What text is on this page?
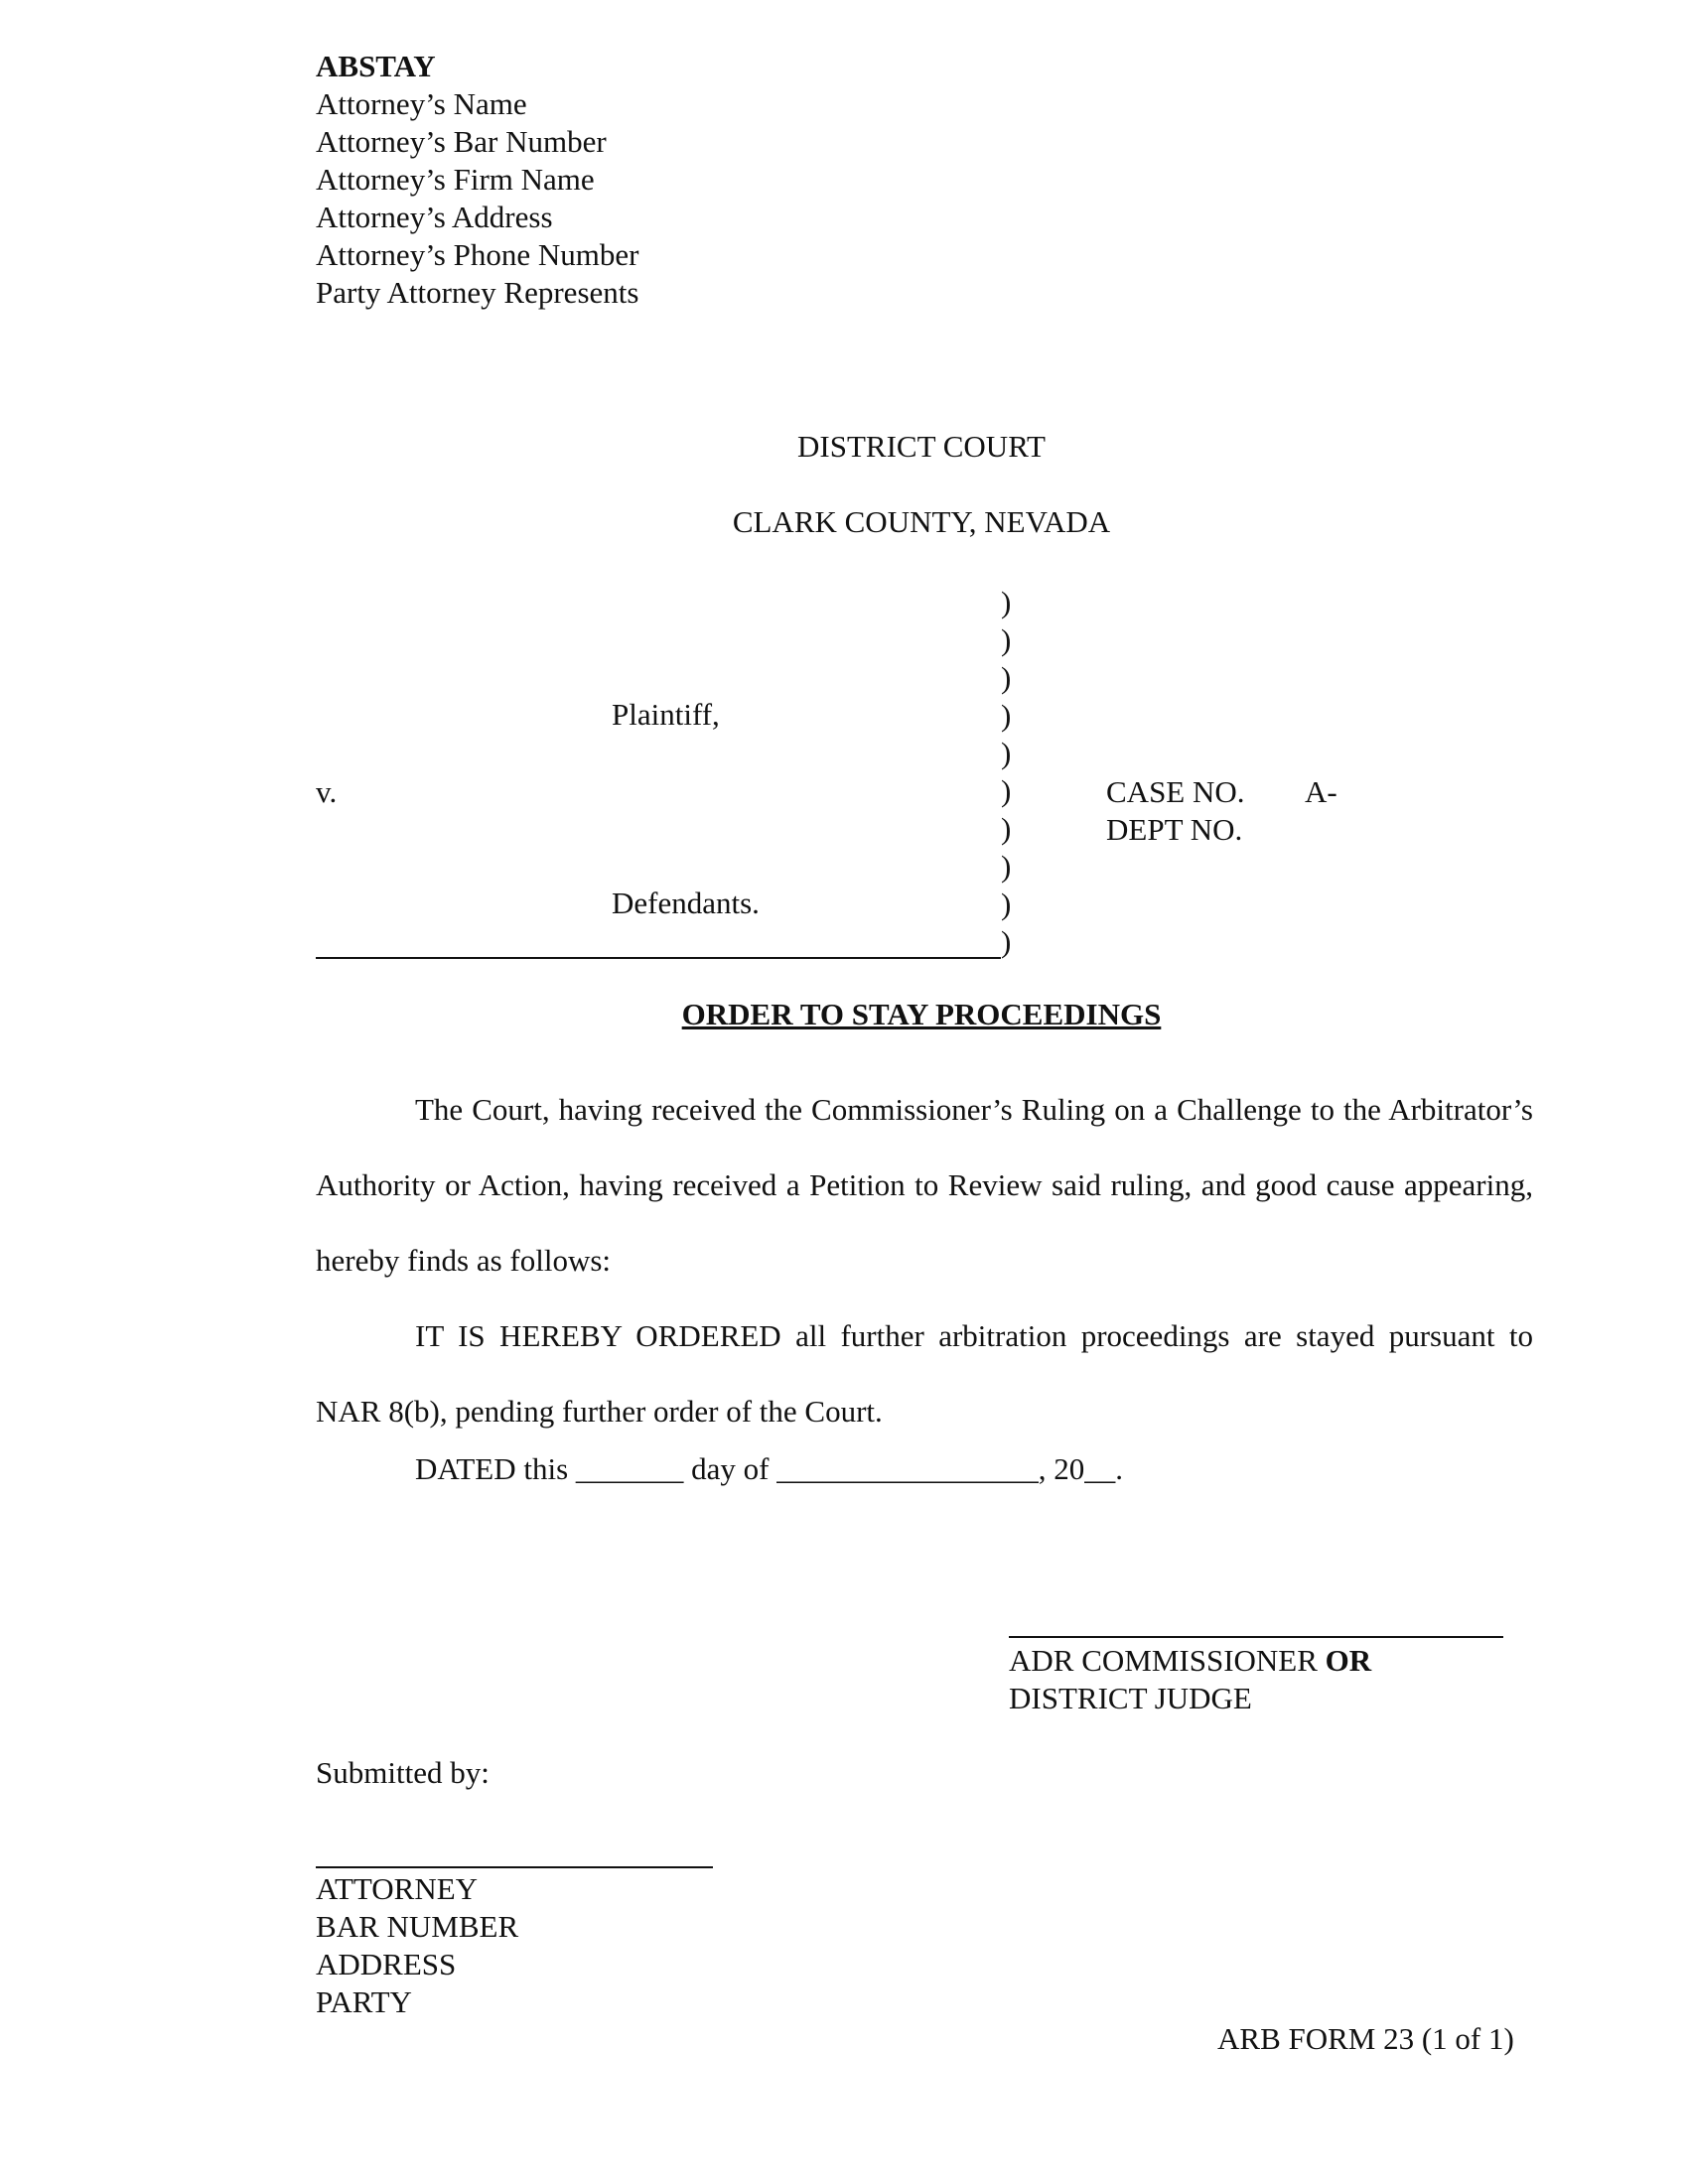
ABSTAY
Attorney’s Name
Attorney’s Bar Number
Attorney’s Firm Name
Attorney’s Address
Attorney’s Phone Number
Party Attorney Represents
DISTRICT COURT
CLARK COUNTY, NEVADA
)
)
)
)
)
)
)
)
)
)
Plaintiff,
v.
Defendants.
CASE NO. A-
DEPT NO.
ORDER TO STAY PROCEEDINGS
The Court, having received the Commissioner’s Ruling on a Challenge to the Arbitrator’s Authority or Action, having received a Petition to Review said ruling, and good cause appearing, hereby finds as follows:
IT IS HEREBY ORDERED all further arbitration proceedings are stayed pursuant to NAR 8(b), pending further order of the Court.
DATED this _______ day of _________________, 20__.
ADR COMMISSIONER OR
DISTRICT JUDGE
Submitted by:
ATTORNEY
BAR NUMBER
ADDRESS
PARTY
ARB FORM 23 (1 of 1)
